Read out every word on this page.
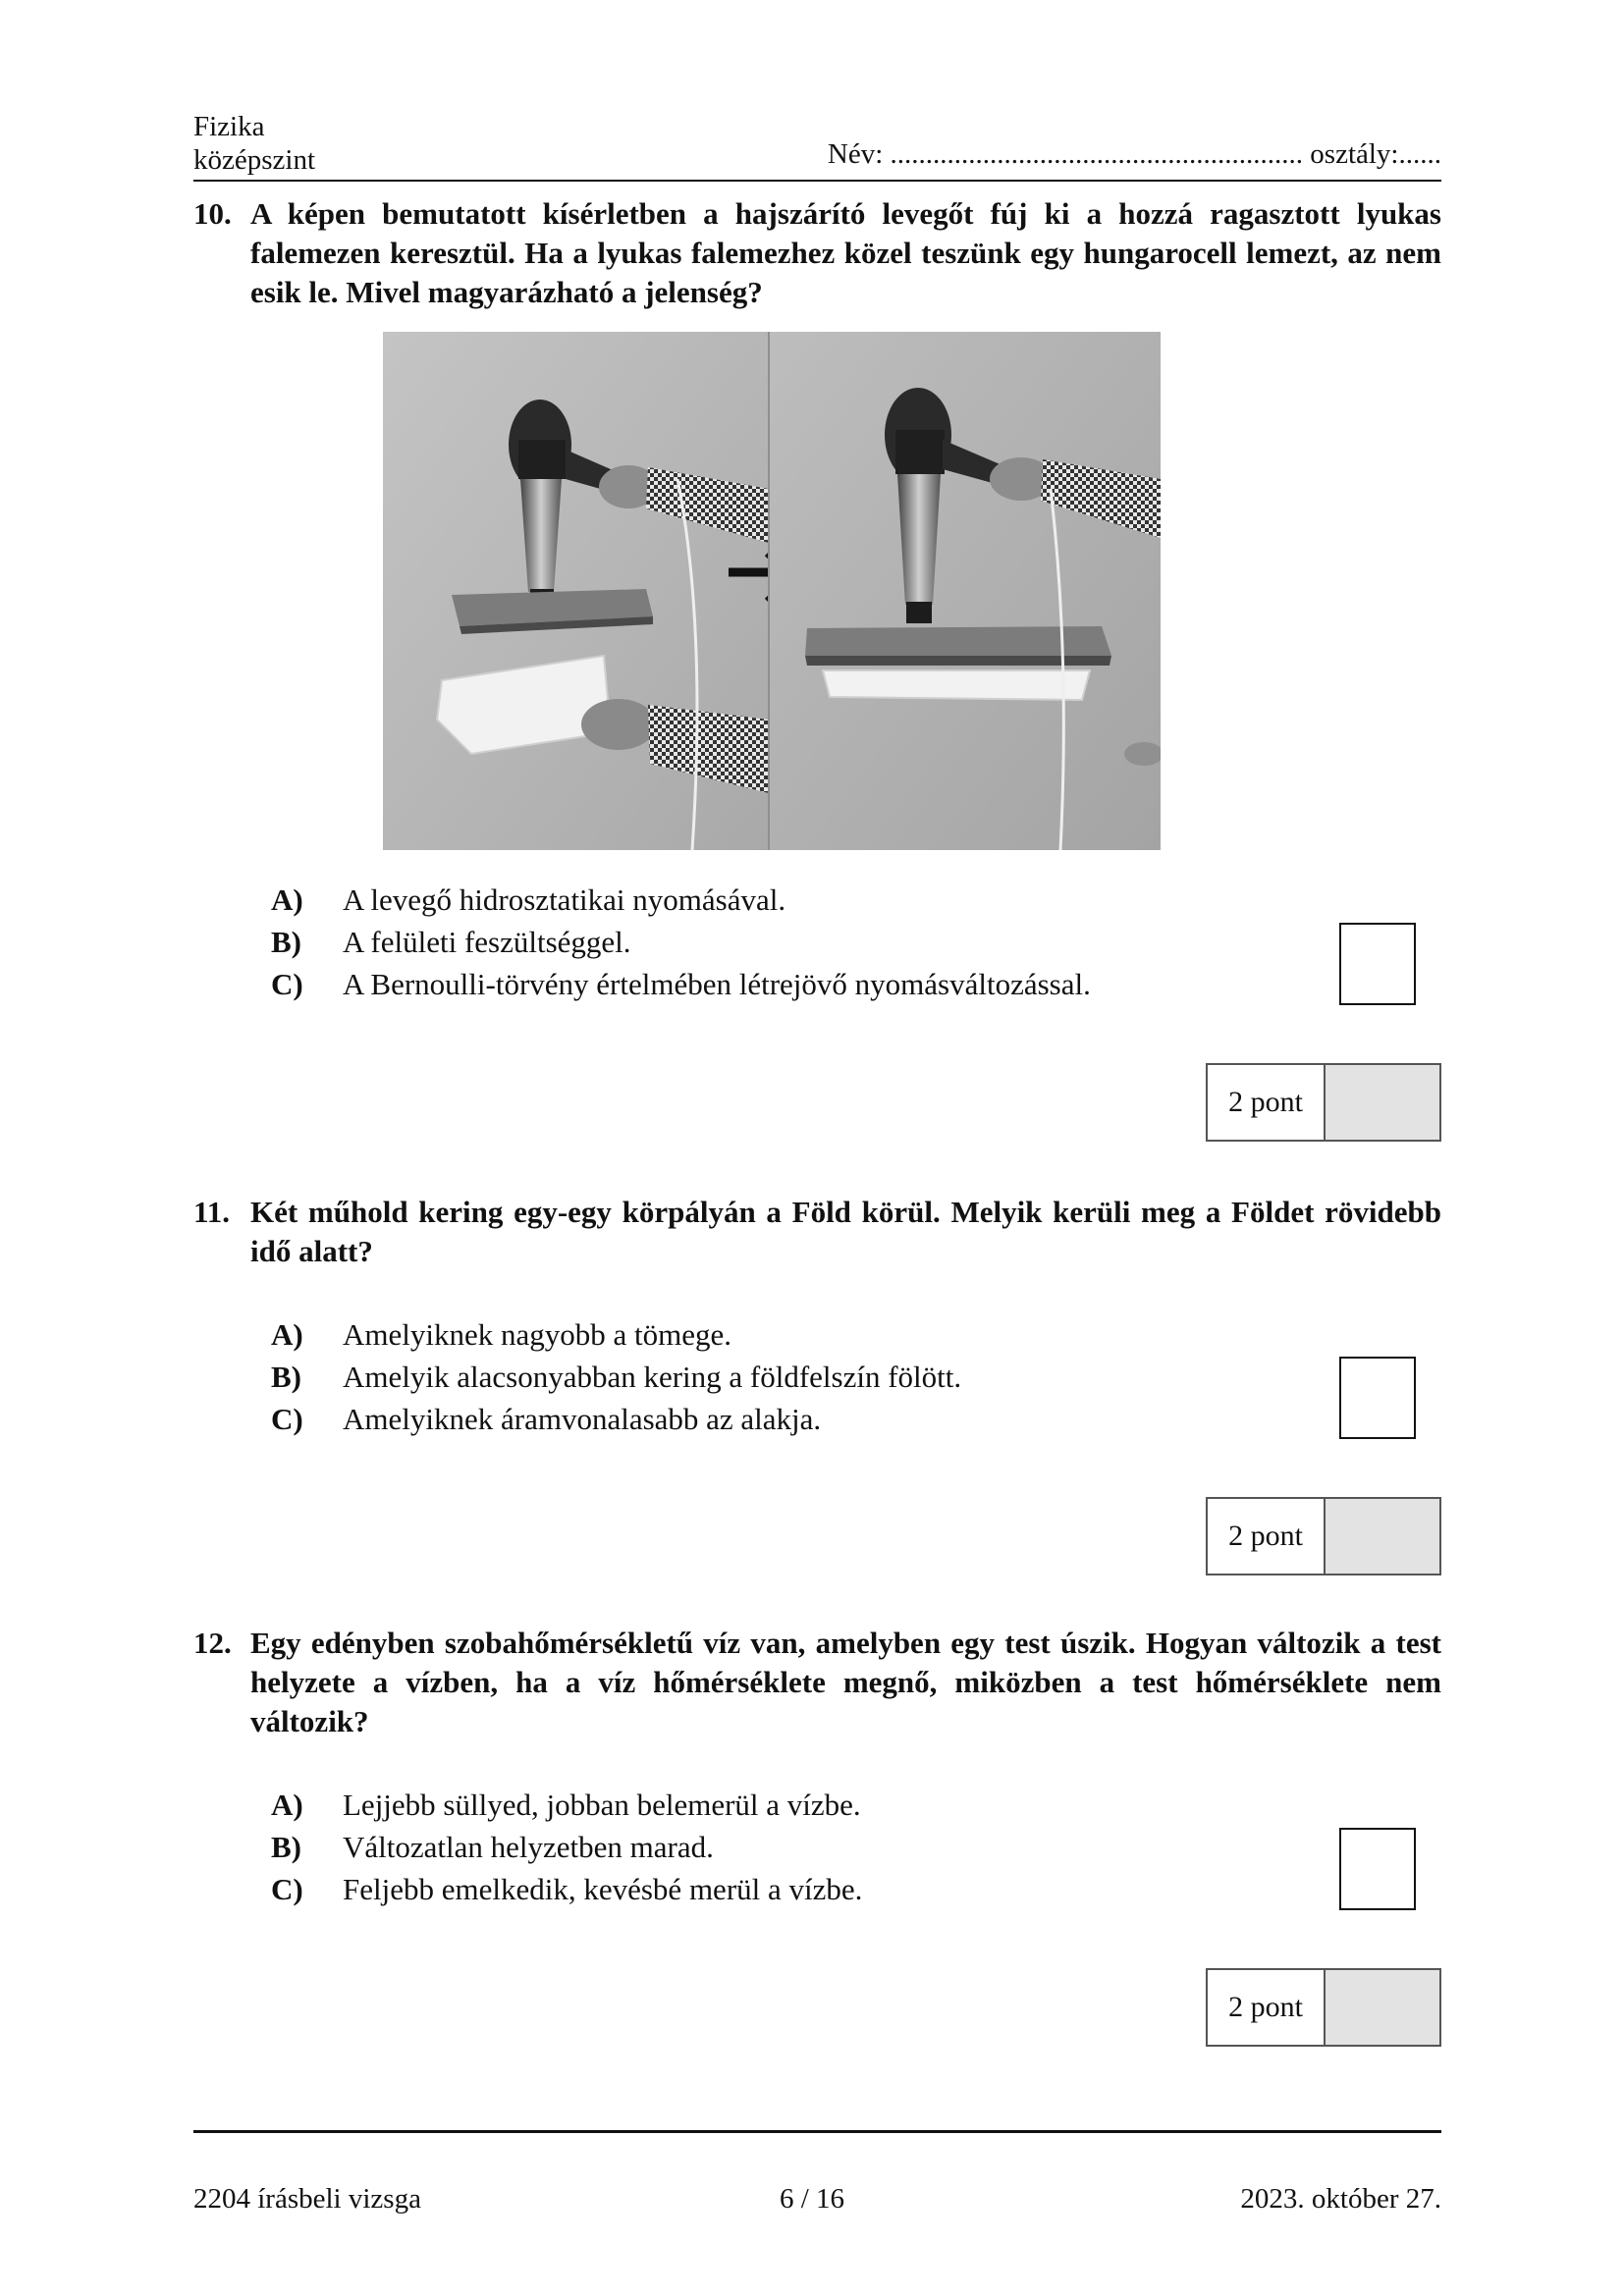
Fizika
középszint	Név: .......................................................... osztály:......
10. A képen bemutatott kísérletben a hajszárító levegőt fúj ki a hozzá ragasztott lyukas falemezen keresztül. Ha a lyukas falemezhez közel teszünk egy hungarocell lemezt, az nem esik le. Mivel magyarázható a jelenség?
A)	A levegő hidrosztatikai nyomásával.
B)	A felületi feszültséggel.
C)	A Bernoulli-törvény értelmében létrejövő nyomásváltozással.
2 pont
11. Két műhold kering egy-egy körpályán a Föld körül. Melyik kerüli meg a Földet rövidebb idő alatt?
A)	Amelyiknek nagyobb a tömege.
B)	Amelyik alacsonyabban kering a földfelszín fölött.
C)	Amelyiknek áramvonalasabb az alakja.
2 pont
12. Egy edényben szobahőmérsékletű víz van, amelyben egy test úszik. Hogyan változik a test helyzete a vízben, ha a víz hőmérséklete megnő, miközben a test hőmérséklete nem változik?
A)	Lejjebb süllyed, jobban belemerül a vízbe.
B)	Változatlan helyzetben marad.
C)	Feljebb emelkedik, kevésbé merül a vízbe.
2 pont
2204 írásbeli vizsga	6 / 16	2023. október 27.
